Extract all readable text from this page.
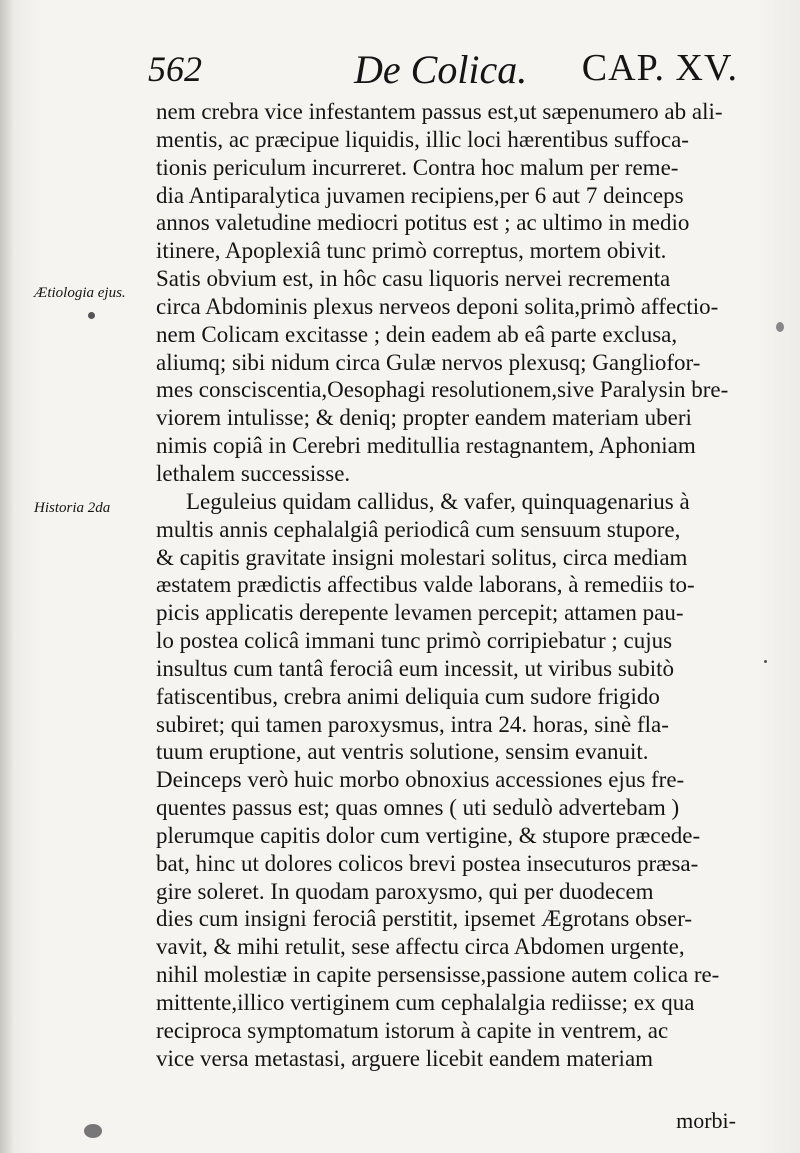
562	De Colica. CAP. XV.
Ætiologia ejus.
Historia 2da
nem crebra vice infestantem passus est,ut sæpenumero ab ali-
mentis, ac præcipue liquidis, illic loci hærentibus suffoca-
tionis periculum incurreret. Contra hoc malum per reme-
dia Antiparalytica juvamen recipiens,per 6 aut 7 deinceps
annos valetudine mediocri potitus est ; ac ultimo in medio
itinere, Apoplexiâ tunc primò correptus, mortem obivit.
Satis obvium est, in hôc casu liquoris nervei recrementa
circa Abdominis plexus nerveos deponi solita,primò affectio-
nem Colicam excitasse ; dein eadem ab eâ parte exclusa,
aliumq; sibi nidum circa Gulæ nervos plexusq; Gangliofor-
mes consciscentia,Oesophagi resolutionem,sive Paralysin bre-
viorem intulisse; & deniq; propter eandem materiam uberi
nimis copiâ in Cerebri meditullia restagnantem, Aphoniam
lethalem successisse.
Leguleius quidam callidus, & vafer, quinquagenarius à
multis annis cephalalgiâ periodicâ cum sensuum stupore,
& capitis gravitate insigni molestari solitus, circa mediam
æstatem prædictis affectibus valde laborans, à remediis to-
picis applicatis derepente levamen percepit; attamen pau-
lo postea colicâ immani tunc primò corripiebatur ; cujus
insultus cum tantâ ferociâ eum incessit, ut viribus subitò
fatiscentibus, crebra animi deliquia cum sudore frigido
subiret; qui tamen paroxysmus, intra 24. horas, sinè fla-
tuum eruptione, aut ventris solutione, sensim evanuit.
Deinceps verò huic morbo obnoxius accessiones ejus fre-
quentes passus est; quas omnes ( uti sedulò advertebam )
plerumque capitis dolor cum vertigine, & stupore præcede-
bat, hinc ut dolores colicos brevi postea insecuturos præsa-
gire soleret. In quodam paroxysmo, qui per duodecem
dies cum insigni ferociâ perstitit, ipsemet Ægrotans obser-
vavit, & mihi retulit, sese affectu circa Abdomen urgente,
nihil molestiæ in capite persensisse,passione autem colica re-
mittente,illico vertiginem cum cephalalgia rediisse; ex qua
reciproca symptomatum istorum à capite in ventrem, ac
vice versa metastasi, arguere licebit eandem materiam
morbi-
